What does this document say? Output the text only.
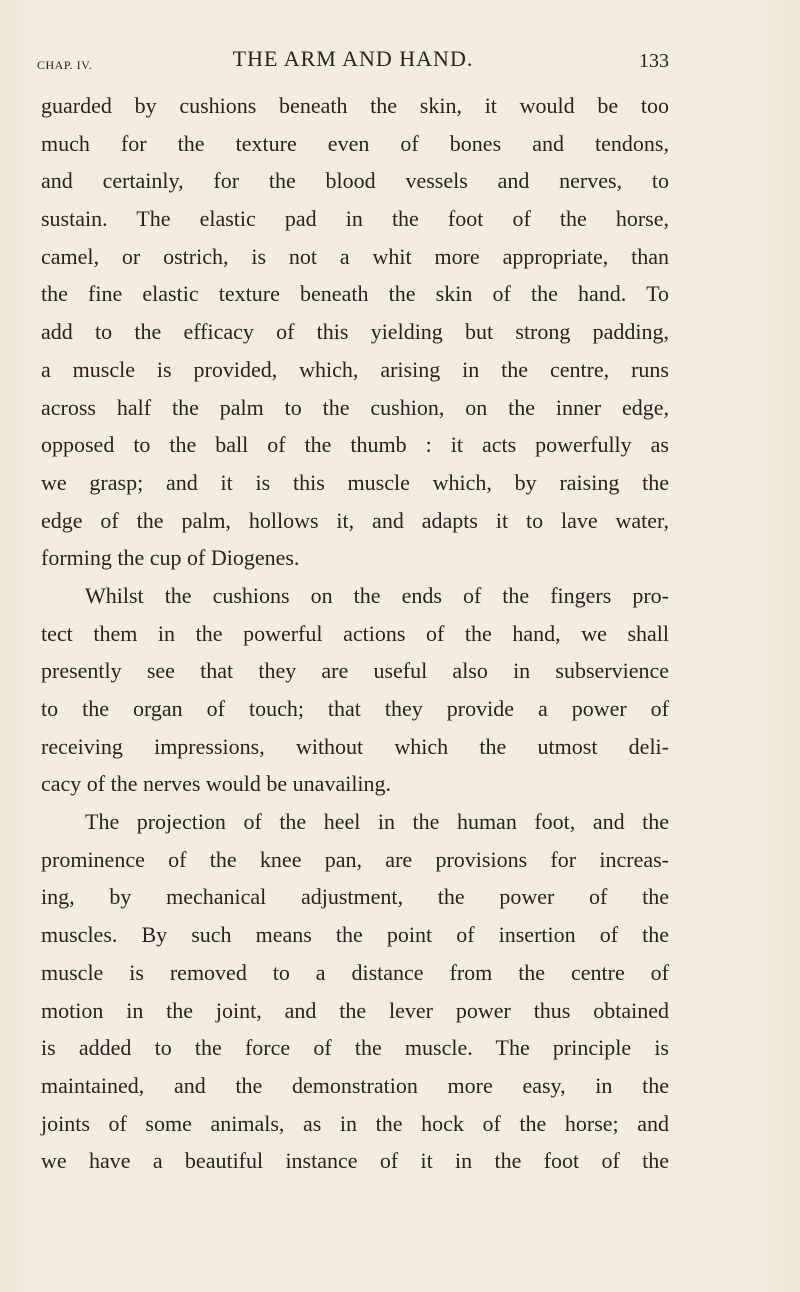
CHAP. IV.	THE ARM AND HAND.	133
guarded by cushions beneath the skin, it would be too
much for the texture even of bones and tendons,
and certainly, for the blood vessels and nerves, to
sustain. The elastic pad in the foot of the horse,
camel, or ostrich, is not a whit more appropriate, than
the fine elastic texture beneath the skin of the hand. To
add to the efficacy of this yielding but strong padding,
a muscle is provided, which, arising in the centre, runs
across half the palm to the cushion, on the inner edge,
opposed to the ball of the thumb : it acts powerfully as
we grasp; and it is this muscle which, by raising the
edge of the palm, hollows it, and adapts it to lave water,
forming the cup of Diogenes.
Whilst the cushions on the ends of the fingers pro-
tect them in the powerful actions of the hand, we shall
presently see that they are useful also in subservience
to the organ of touch; that they provide a power of
receiving impressions, without which the utmost deli-
cacy of the nerves would be unavailing.
The projection of the heel in the human foot, and the
prominence of the knee pan, are provisions for increas-
ing, by mechanical adjustment, the power of the
muscles. By such means the point of insertion of the
muscle is removed to a distance from the centre of
motion in the joint, and the lever power thus obtained
is added to the force of the muscle. The principle is
maintained, and the demonstration more easy, in the
joints of some animals, as in the hock of the horse; and
we have a beautiful instance of it in the foot of the
